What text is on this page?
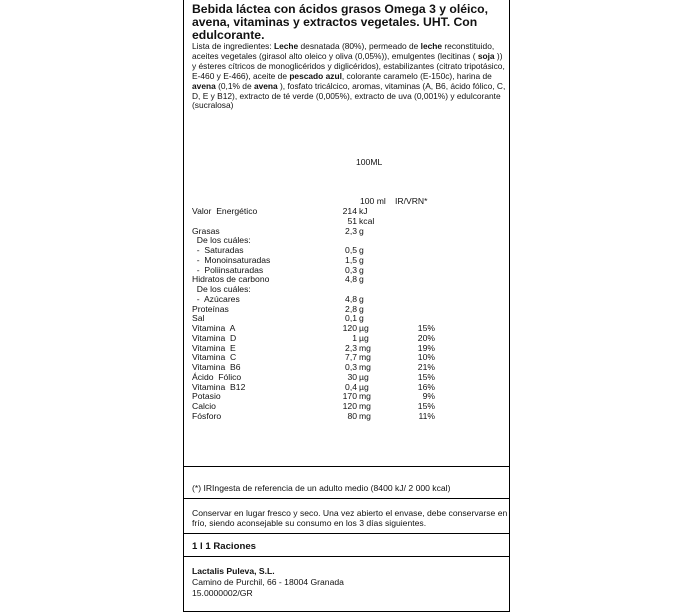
Bebida láctea con ácidos grasos Omega 3 y oléico, avena, vitaminas y extractos vegetales. UHT. Con edulcorante.
Lista de ingredientes: Leche desnatada (80%), permeado de leche reconstituido, aceites vegetales (girasol alto oleico y oliva (0,05%)), emulgentes (lecitinas ( soja )) y ésteres cítricos de monoglicéridos y diglicéridos), estabilizantes (citrato tripotásico, E-460 y E-466), aceite de pescado azul, colorante caramelo (E-150c), harina de avena (0,1% de avena ), fosfato tricálcico, aromas, vitaminas (A, B6, ácido fólico, C, D, E y B12), extracto de té verde (0,005%), extracto de uva (0,001%) y edulcorante (sucralosa)
100ML
100 ml IR/VRN*
Valor  Energético	214 kJ
51 kcal
Grasas	2,3 g
De los cuáles:
-  Saturadas	0,5 g
-  Monoinsaturadas	1,5 g
-  Poliinsaturadas	0,3 g
Hidratos de carbono	4,8 g
De los cuáles:
-  Azúcares	4,8 g
Proteínas	2,8 g
Sal	0,1 g
Vitamina  A	120 µg	15%
Vitamina  D	1 µg	20%
Vitamina  E	2,3 mg	19%
Vitamina  C	7,7 mg	10%
Vitamina  B6	0,3 mg	21%
Ácido  Fólico	30 µg	15%
Vitamina  B12	0,4 µg	16%
Potasio	170 mg	9%
Calcio	120 mg	15%
Fósforo	80 mg	11%
(*) IRIngesta de referencia de un adulto medio (8400 kJ/ 2 000 kcal)
Conservar en lugar fresco y seco. Una vez abierto el envase, debe conservarse en frío, siendo aconsejable su consumo en los 3 días siguientes.
1 l 1 Raciones
Lactalis Puleva, S.L.
Camino de Purchil, 66 - 18004 Granada
15.0000002/GR
